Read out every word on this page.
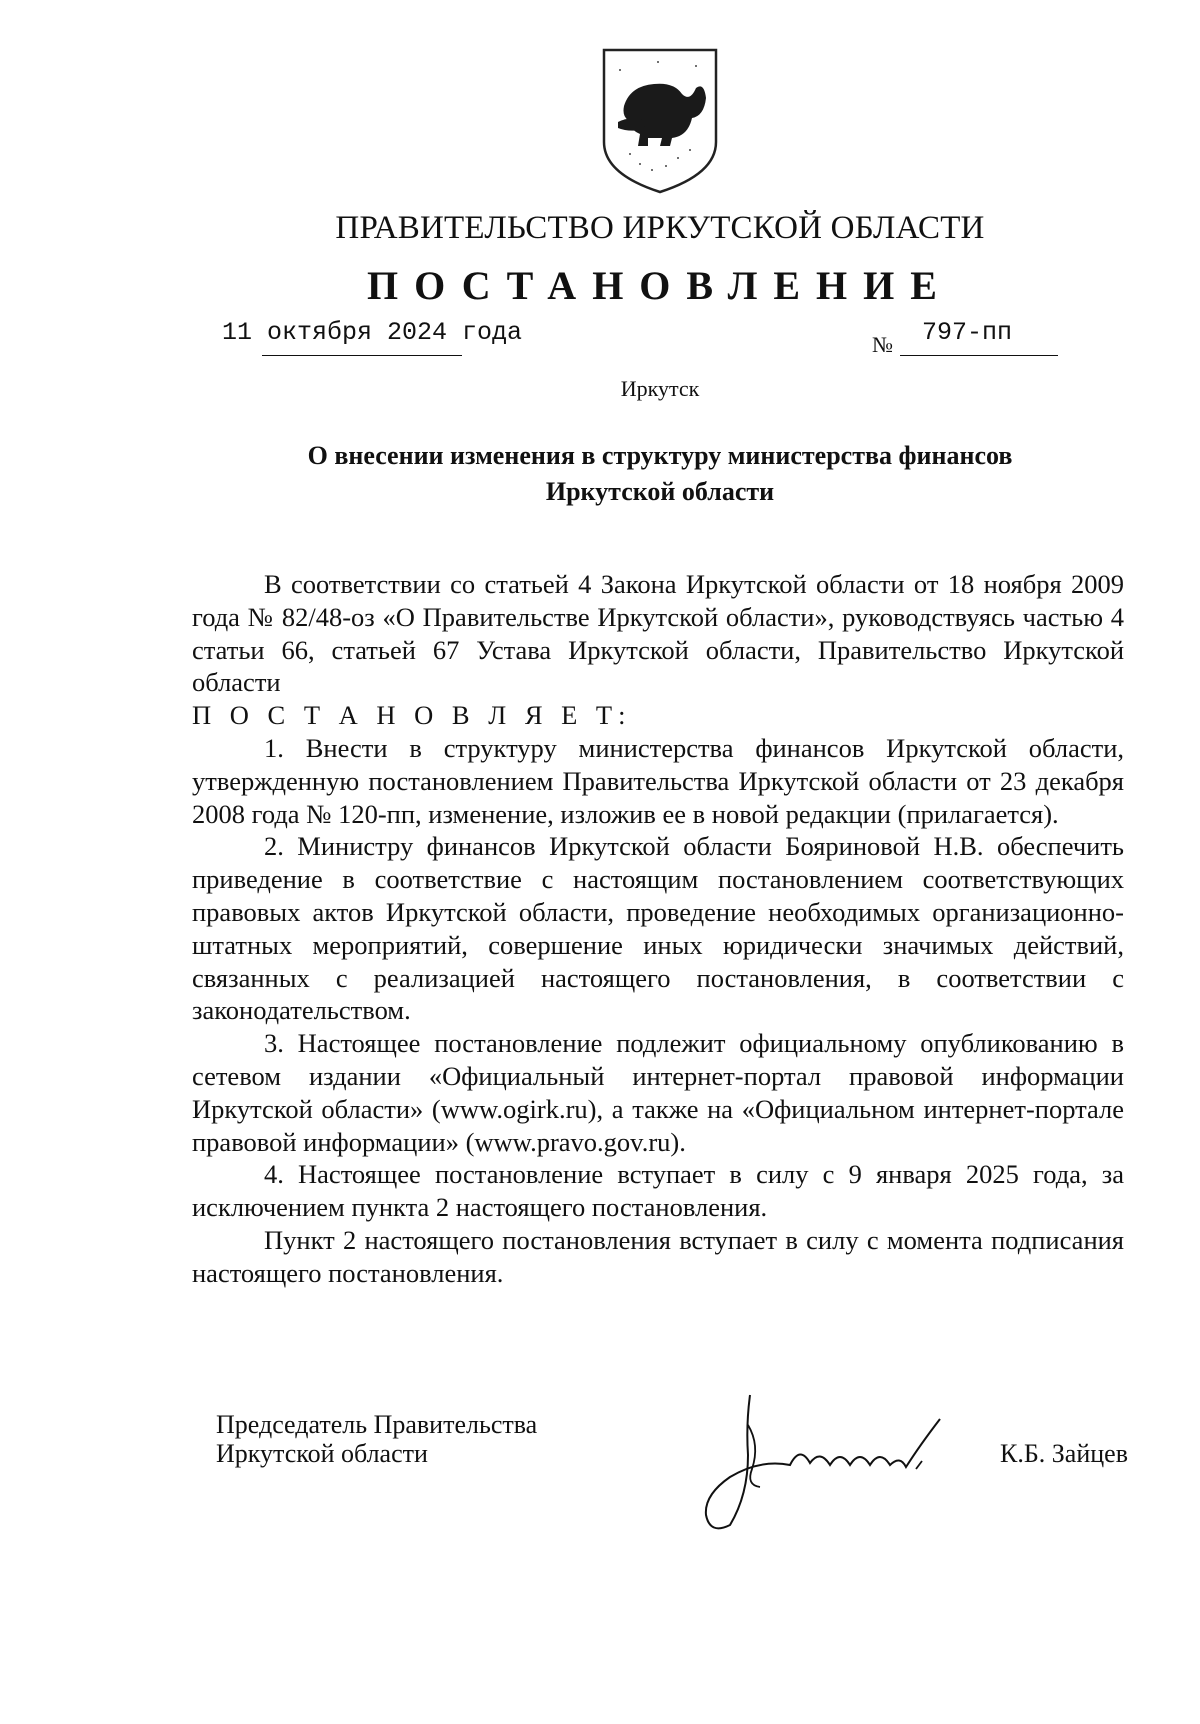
ПРАВИТЕЛЬСТВО ИРКУТСКОЙ ОБЛАСТИ
ПОСТАНОВЛЕНИЕ
11 октября 2024 года	№ 797-пп
Иркутск
О внесении изменения в структуру министерства финансов
Иркутской области

В соответствии со статьей 4 Закона Иркутской области от 18 ноября 2009 года № 82/48-оз «О Правительстве Иркутской области», руководствуясь частью 4 статьи 66, статьей 67 Устава Иркутской области, Правительство Иркутской области

П О С Т А Н О В Л Я Е Т:

1. Внести в структуру министерства финансов Иркутской области, утвержденную постановлением Правительства Иркутской области от 23 декабря 2008 года № 120-пп, изменение, изложив ее в новой редакции (прилагается).

2. Министру финансов Иркутской области Бояриновой Н.В. обеспечить приведение в соответствие с настоящим постановлением соответствующих правовых актов Иркутской области, проведение необходимых организационно-штатных мероприятий, совершение иных юридически значимых действий, связанных с реализацией настоящего постановления, в соответствии с законодательством.

3. Настоящее постановление подлежит официальному опубликованию в сетевом издании «Официальный интернет-портал правовой информации Иркутской области» (www.ogirk.ru), а также на «Официальном интернет-портале правовой информации» (www.pravo.gov.ru).

4. Настоящее постановление вступает в силу с 9 января 2025 года, за исключением пункта 2 настоящего постановления.

Пункт 2 настоящего постановления вступает в силу с момента подписания настоящего постановления.

Председатель Правительства
Иркутской области	К.Б. Зайцев
